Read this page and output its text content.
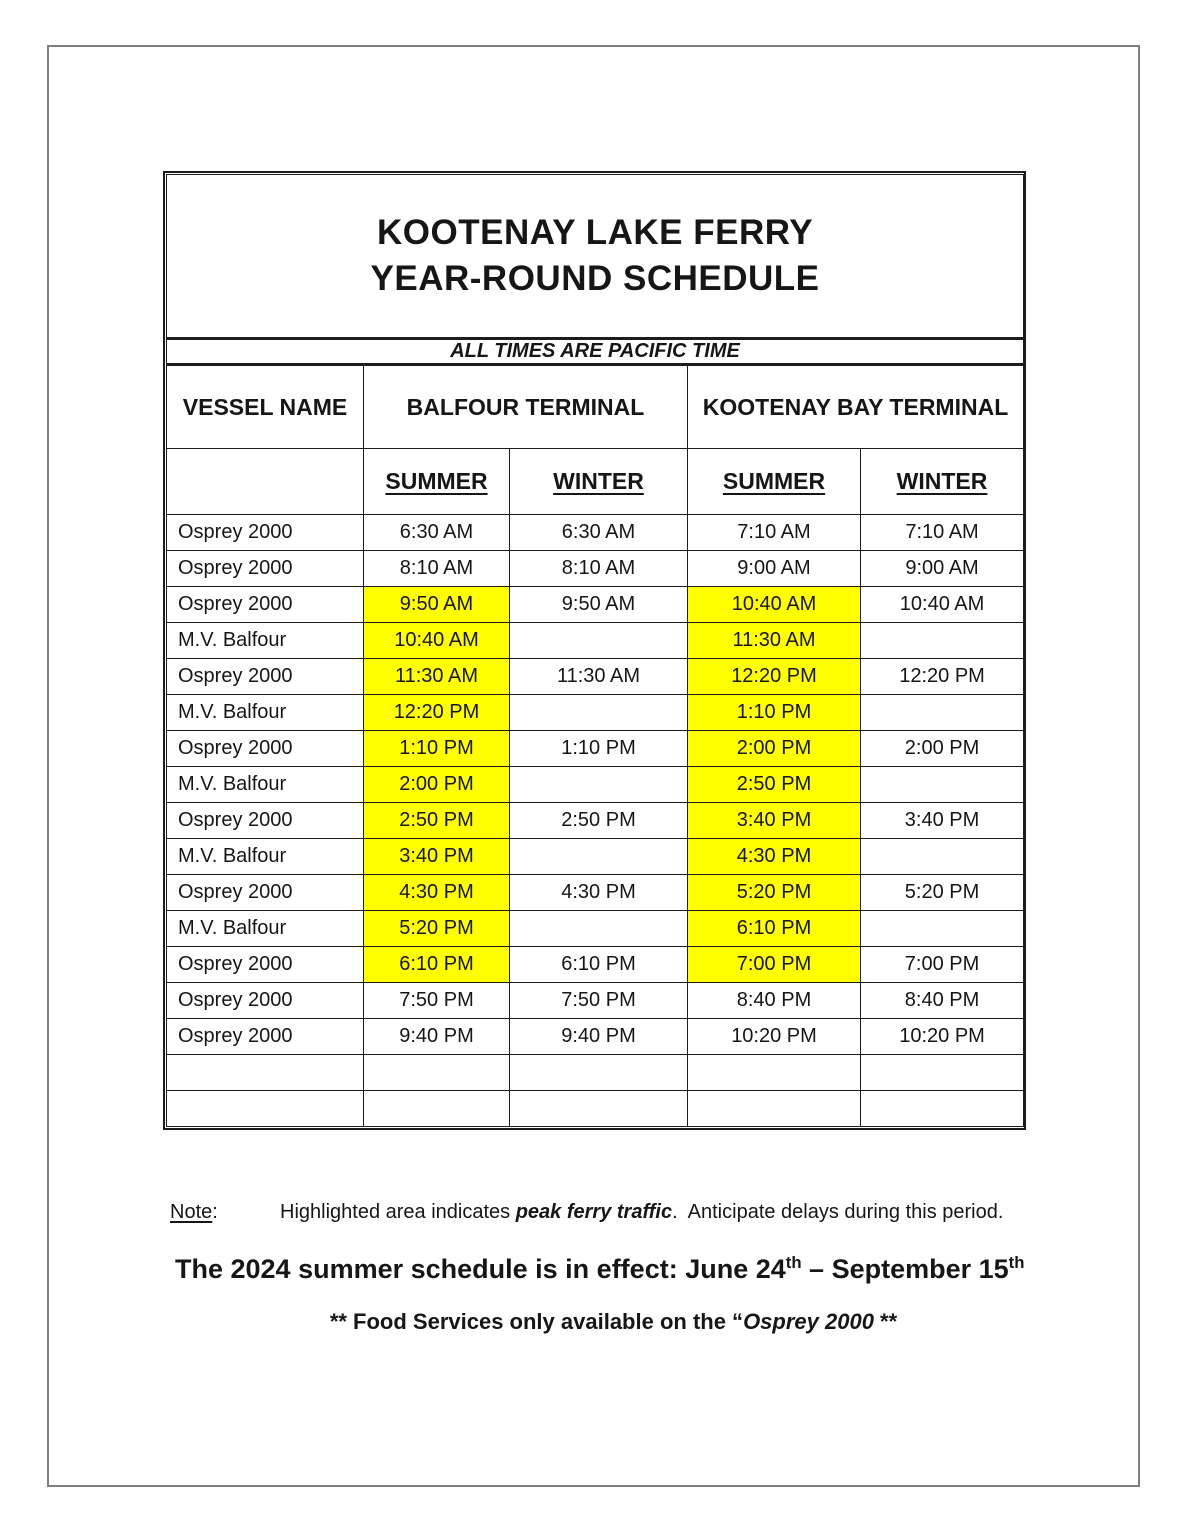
KOOTENAY LAKE FERRY
YEAR-ROUND SCHEDULE				

ALL TIMES ARE PACIFIC TIME				
VESSEL NAME	BALFOUR TERMINAL		KOOTENAY BAY TERMINAL	
	SUMMER	WINTER	SUMMER	WINTER
Osprey 2000	6:30 AM	6:30 AM	7:10 AM	7:10 AM
Osprey 2000	8:10 AM	8:10 AM	9:00 AM	9:00 AM
Osprey 2000	9:50 AM	9:50 AM	10:40 AM	10:40 AM
M.V. Balfour	10:40 AM		11:30 AM	
Osprey 2000	11:30 AM	11:30 AM	12:20 PM	12:20 PM
M.V. Balfour	12:20 PM		1:10 PM	
Osprey 2000	1:10 PM	1:10 PM	2:00 PM	2:00 PM
M.V. Balfour	2:00 PM		2:50 PM	
Osprey 2000	2:50 PM	2:50 PM	3:40 PM	3:40 PM
M.V. Balfour	3:40 PM		4:30 PM	
Osprey 2000	4:30 PM	4:30 PM	5:20 PM	5:20 PM
M.V. Balfour	5:20 PM		6:10 PM	
Osprey 2000	6:10 PM	6:10 PM	7:00 PM	7:00 PM
Osprey 2000	7:50 PM	7:50 PM	8:40 PM	8:40 PM
Osprey 2000	9:40 PM	9:40 PM	10:20 PM	10:20 PM

Note:	Highlighted area indicates peak ferry traffic.  Anticipate delays during this period.

The 2024 summer schedule is in effect: June 24th – September 15th

** Food Services only available on the “Osprey 2000 **
